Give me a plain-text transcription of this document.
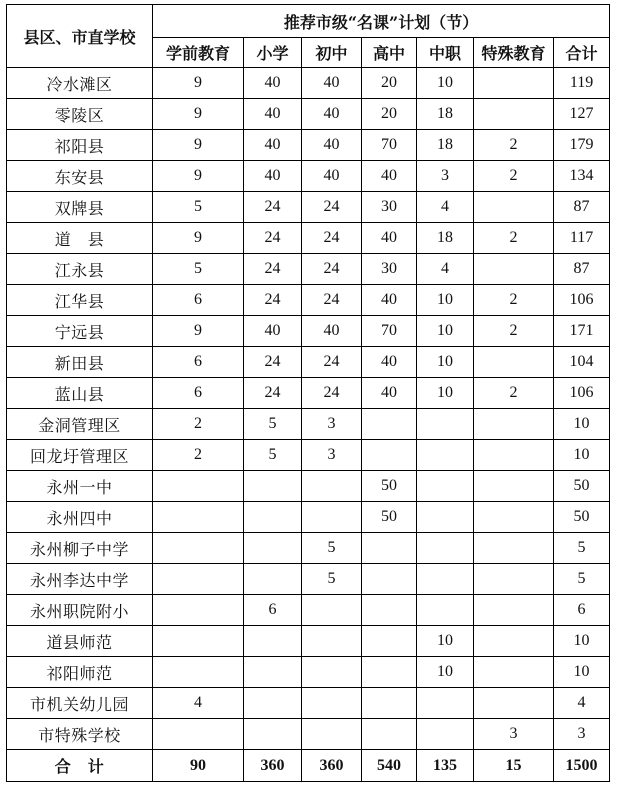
县区、市直学校	推荐市级“名课”计划（节）						
	学前教育	小学	初中	高中	中职	特殊教育	合计
冷水滩区	9	40	40	20	10		119
零陵区	9	40	40	20	18		127
祁阳县	9	40	40	70	18	2	179
东安县	9	40	40	40	3	2	134
双牌县	5	24	24	30	4		87
道　县	9	24	24	40	18	2	117
江永县	5	24	24	30	4		87
江华县	6	24	24	40	10	2	106
宁远县	9	40	40	70	10	2	171
新田县	6	24	24	40	10		104
蓝山县	6	24	24	40	10	2	106
金洞管理区	2	5	3				10
回龙圩管理区	2	5	3				10
永州一中				50			50
永州四中				50			50
永州柳子中学			5				5
永州李达中学			5				5
永州职院附小		6					6
道县师范					10		10
祁阳师范					10		10
市机关幼儿园	4						4
市特殊学校						3	3
合　计	90	360	360	540	135	15	1500
